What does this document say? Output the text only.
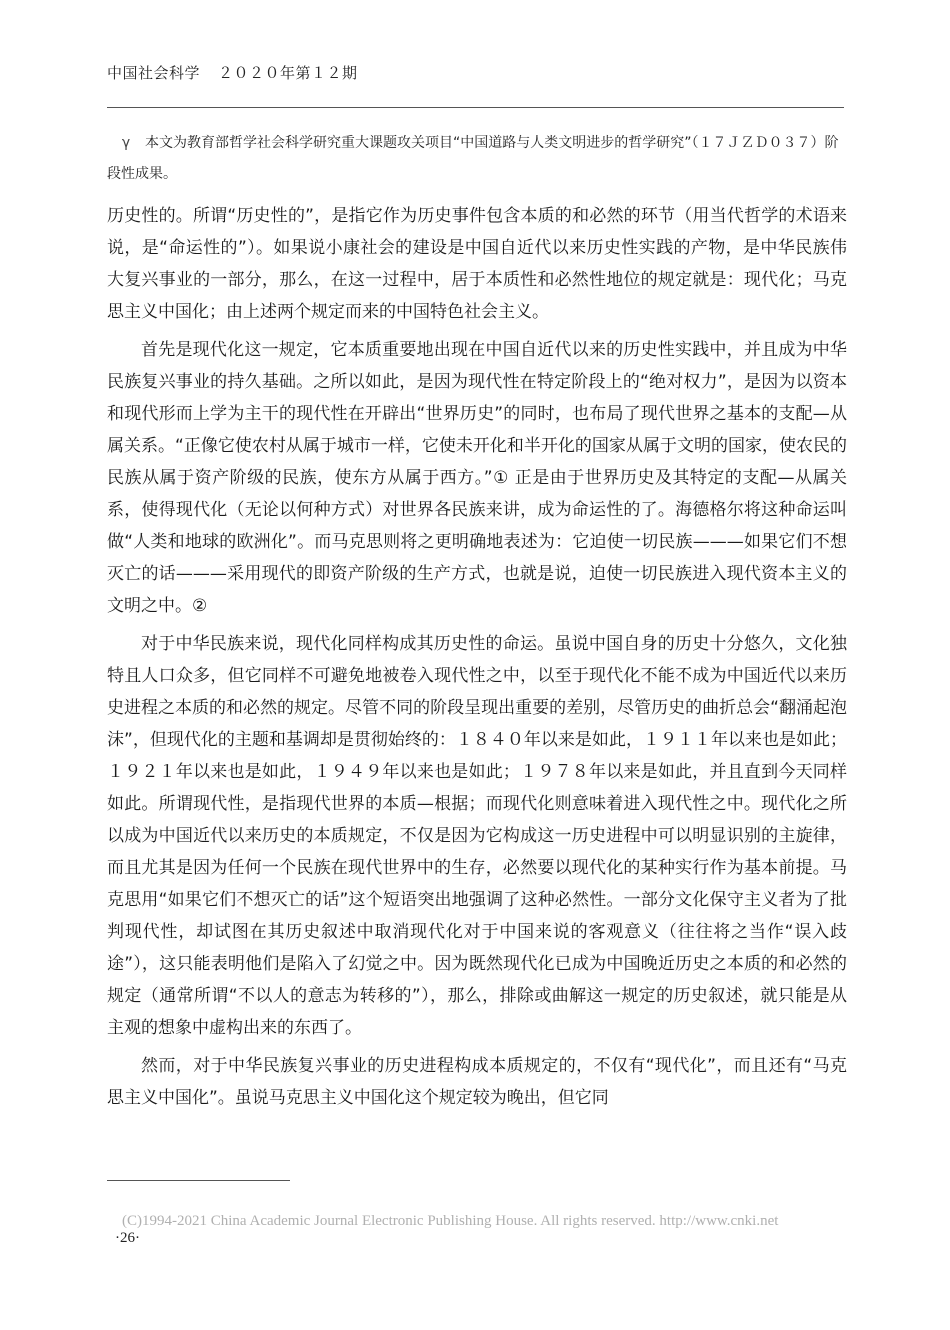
中国社会科学 ２０２０年第１２期
γ 本文为教育部哲学社会科学研究重大课题攻关项目“中国道路与人类文明进步的哲学研究”（１７ＪＺＤ０３７）阶段性成果。

历史性的。所谓“历史性的”，是指它作为历史事件包含本质的和必然的环节（用当代哲学的术语来说，是“命运性的”）。如果说小康社会的建设是中国自近代以来历史性实践的产物，是中华民族伟大复兴事业的一部分，那么，在这一过程中，居于本质性和必然性地位的规定就是：现代化；马克思主义中国化；由上述两个规定而来的中国特色社会主义。

首先是现代化这一规定，它本质重要地出现在中国自近代以来的历史性实践中，并且成为中华民族复兴事业的持久基础。之所以如此，是因为现代性在特定阶段上的“绝对权力”，是因为以资本和现代形而上学为主干的现代性在开辟出“世界历史”的同时，也布局了现代世界之基本的支配—从属关系。“正像它使农村从属于城市一样，它使未开化和半开化的国家从属于文明的国家，使农民的民族从属于资产阶级的民族，使东方从属于西方。”① 正是由于世界历史及其特定的支配—从属关系，使得现代化（无论以何种方式）对世界各民族来讲，成为命运性的了。海德格尔将这种命运叫做“人类和地球的欧洲化”。而马克思则将之更明确地表述为：它迫使一切民族———如果它们不想灭亡的话———采用现代的即资产阶级的生产方式，也就是说，迫使一切民族进入现代资本主义的文明之中。②

对于中华民族来说，现代化同样构成其历史性的命运。虽说中国自身的历史十分悠久，文化独特且人口众多，但它同样不可避免地被卷入现代性之中，以至于现代化不能不成为中国近代以来历史进程之本质的和必然的规定。尽管不同的阶段呈现出重要的差别，尽管历史的曲折总会“翻涌起泡沫”，但现代化的主题和基调却是贯彻始终的：１８４０年以来是如此，１９１１年以来也是如此；１９２１年以来也是如此，１９４９年以来也是如此；１９７８年以来是如此，并且直到今天同样如此。所谓现代性，是指现代世界的本质—根据；而现代化则意味着进入现代性之中。现代化之所以成为中国近代以来历史的本质规定，不仅是因为它构成这一历史进程中可以明显识别的主旋律，而且尤其是因为任何一个民族在现代世界中的生存，必然要以现代化的某种实行作为基本前提。马克思用“如果它们不想灭亡的话”这个短语突出地强调了这种必然性。一部分文化保守主义者为了批判现代性，却试图在其历史叙述中取消现代化对于中国来说的客观意义（往往将之当作“误入歧途”），这只能表明他们是陷入了幻觉之中。因为既然现代化已成为中国晚近历史之本质的和必然的规定（通常所谓“不以人的意志为转移的”），那么，排除或曲解这一规定的历史叙述，就只能是从主观的想象中虚构出来的东西了。

然而，对于中华民族复兴事业的历史进程构成本质规定的，不仅有“现代化”，而且还有“马克思主义中国化”。虽说马克思主义中国化这个规定较为晚出，但它同

(C)1994-2021 China Academic Journal Electronic Publishing House. All rights reserved. http://www.cnki.net
·26·
